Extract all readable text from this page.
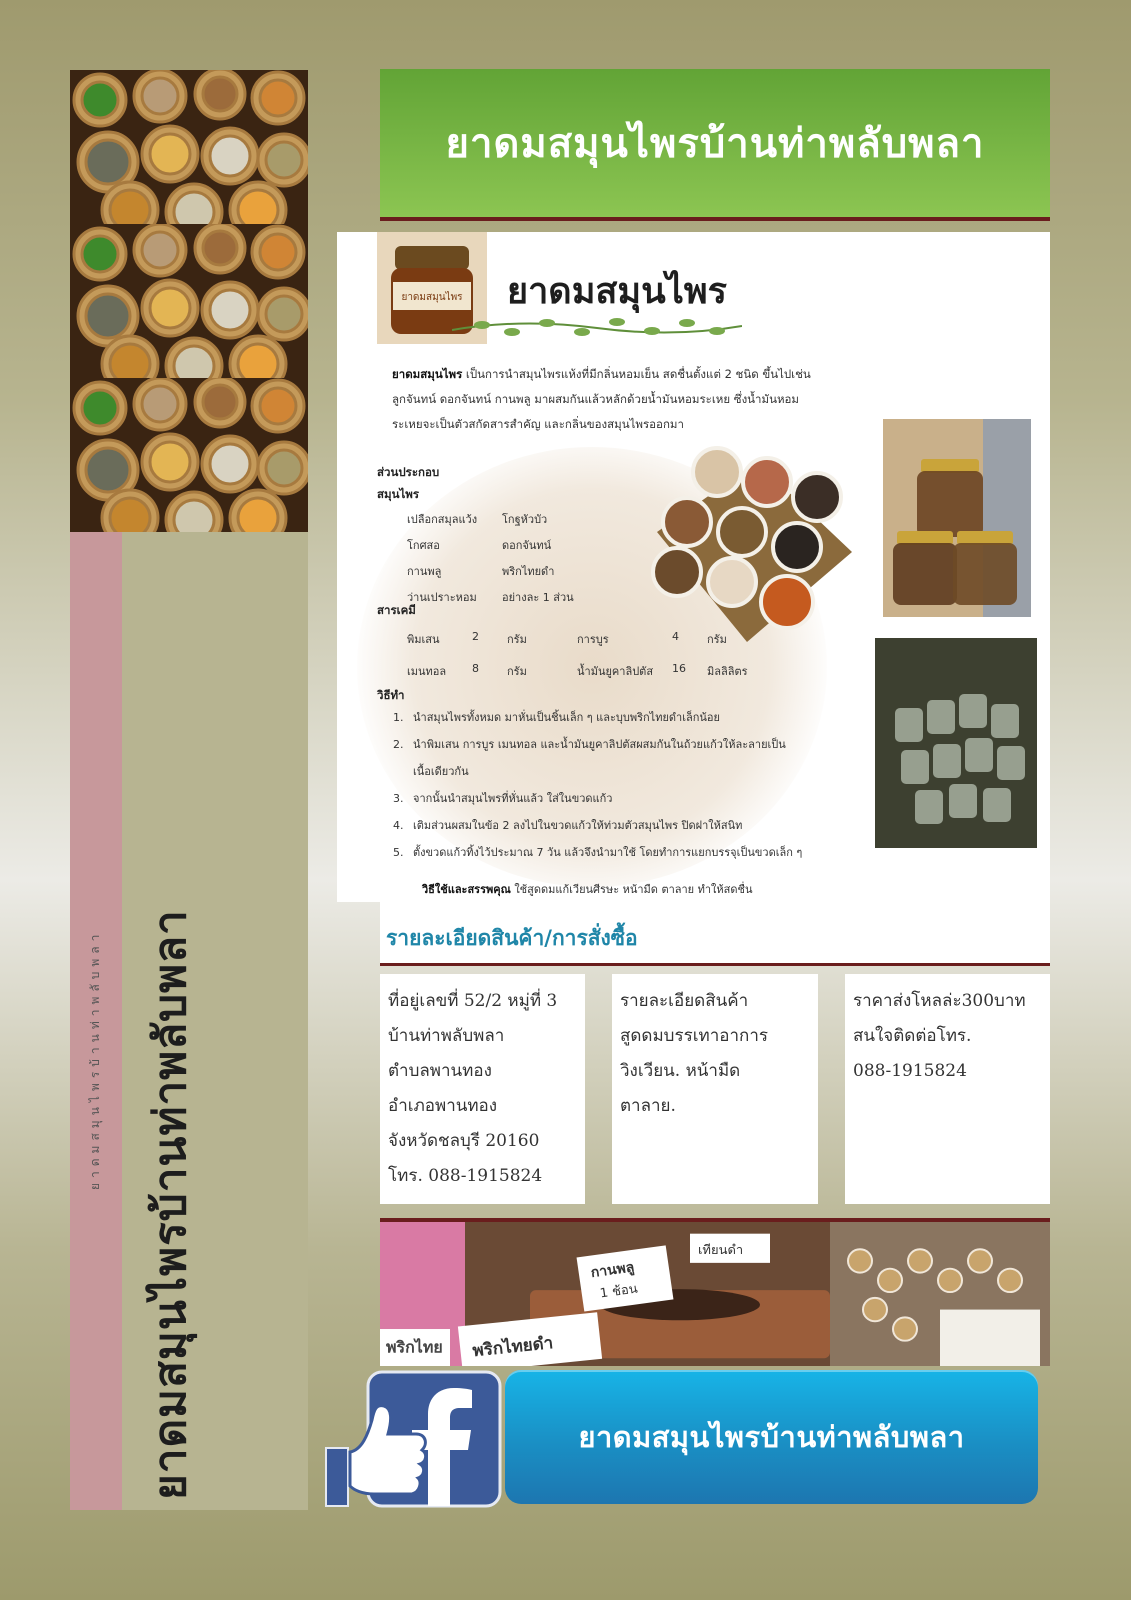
ยาดมสมุนไพรบ้านท่าพลับพลา ยาดมสมุนไพรบ้านท่าพลับพลา
ยาดมสมุนไพรบ้านท่าพลับพลา
ยาดมสมุนไพร ยาดมสมุนไพร
ยาดมสมุนไพร เป็นการนำสมุนไพรแห้งที่มีกลิ่นหอมเย็น สดชื่นตั้งแต่ 2 ชนิด ขึ้นไปเช่น ลูกจันทน์ ดอกจันทน์ กานพลู มาผสมกันแล้วหลักด้วยน้ำมันหอมระเหย ซึ่งน้ำมันหอมระเหยจะเป็นตัวสกัดสารสำคัญ และกลิ่นของสมุนไพรออกมา
ส่วนประกอบ
สมุนไพร
เปลือกสมุลแว้ง	โกฐหัวบัว
โกศสอ	ดอกจันทน์
กานพลู	พริกไทยดำ
ว่านเปราะหอม	อย่างละ 1 ส่วน
สารเคมี
พิมเสน	2	กรัม	การบูร	4	กรัม
เมนทอล	8	กรัม	น้ำมันยูคาลิปตัส	16	มิลลิลิตร
วิธีทำ
1. นำสมุนไพรทั้งหมด มาหั่นเป็นชิ้นเล็ก ๆ และบุบพริกไทยดำเล็กน้อย
2. นำพิมเสน การบูร เมนทอล และน้ำมันยูคาลิปตัสผสมกันในถ้วยแก้วให้ละลายเป็น
เนื้อเดียวกัน
3. จากนั้นนำสมุนไพรที่หั่นแล้ว ใส่ในขวดแก้ว
4. เติมส่วนผสมในข้อ 2 ลงไปในขวดแก้วให้ท่วมตัวสมุนไพร ปิดฝาให้สนิท
5. ตั้งขวดแก้วทิ้งไว้ประมาณ 7 วัน แล้วจึงนำมาใช้ โดยทำการแยกบรรจุเป็นขวดเล็ก ๆ
วิธีใช้และสรรพคุณ ใช้สูดดมแก้เวียนศีรษะ หน้ามืด ตาลาย ทำให้สดชื่น
รายละเอียดสินค้า/การสั่งซื้อ
ที่อยู่เลขที่ 52/2 หมู่ที่ 3
บ้านท่าพลับพลา
ตำบลพานทอง
อำเภอพานทอง
จังหวัดชลบุรี 20160
โทร. 088-1915824
รายละเอียดสินค้า
สูดดมบรรเทาอาการ
วิงเวียน. หน้ามืด
ตาลาย.
ราคาส่งโหลล่ะ300บาท
สนใจติดต่อโทร.
088-1915824
พริกไทย พริกไทยดำ
กานพลู
1 ช้อน
เทียนดำ
ยาดมสมุนไพรบ้านท่าพลับพลา
